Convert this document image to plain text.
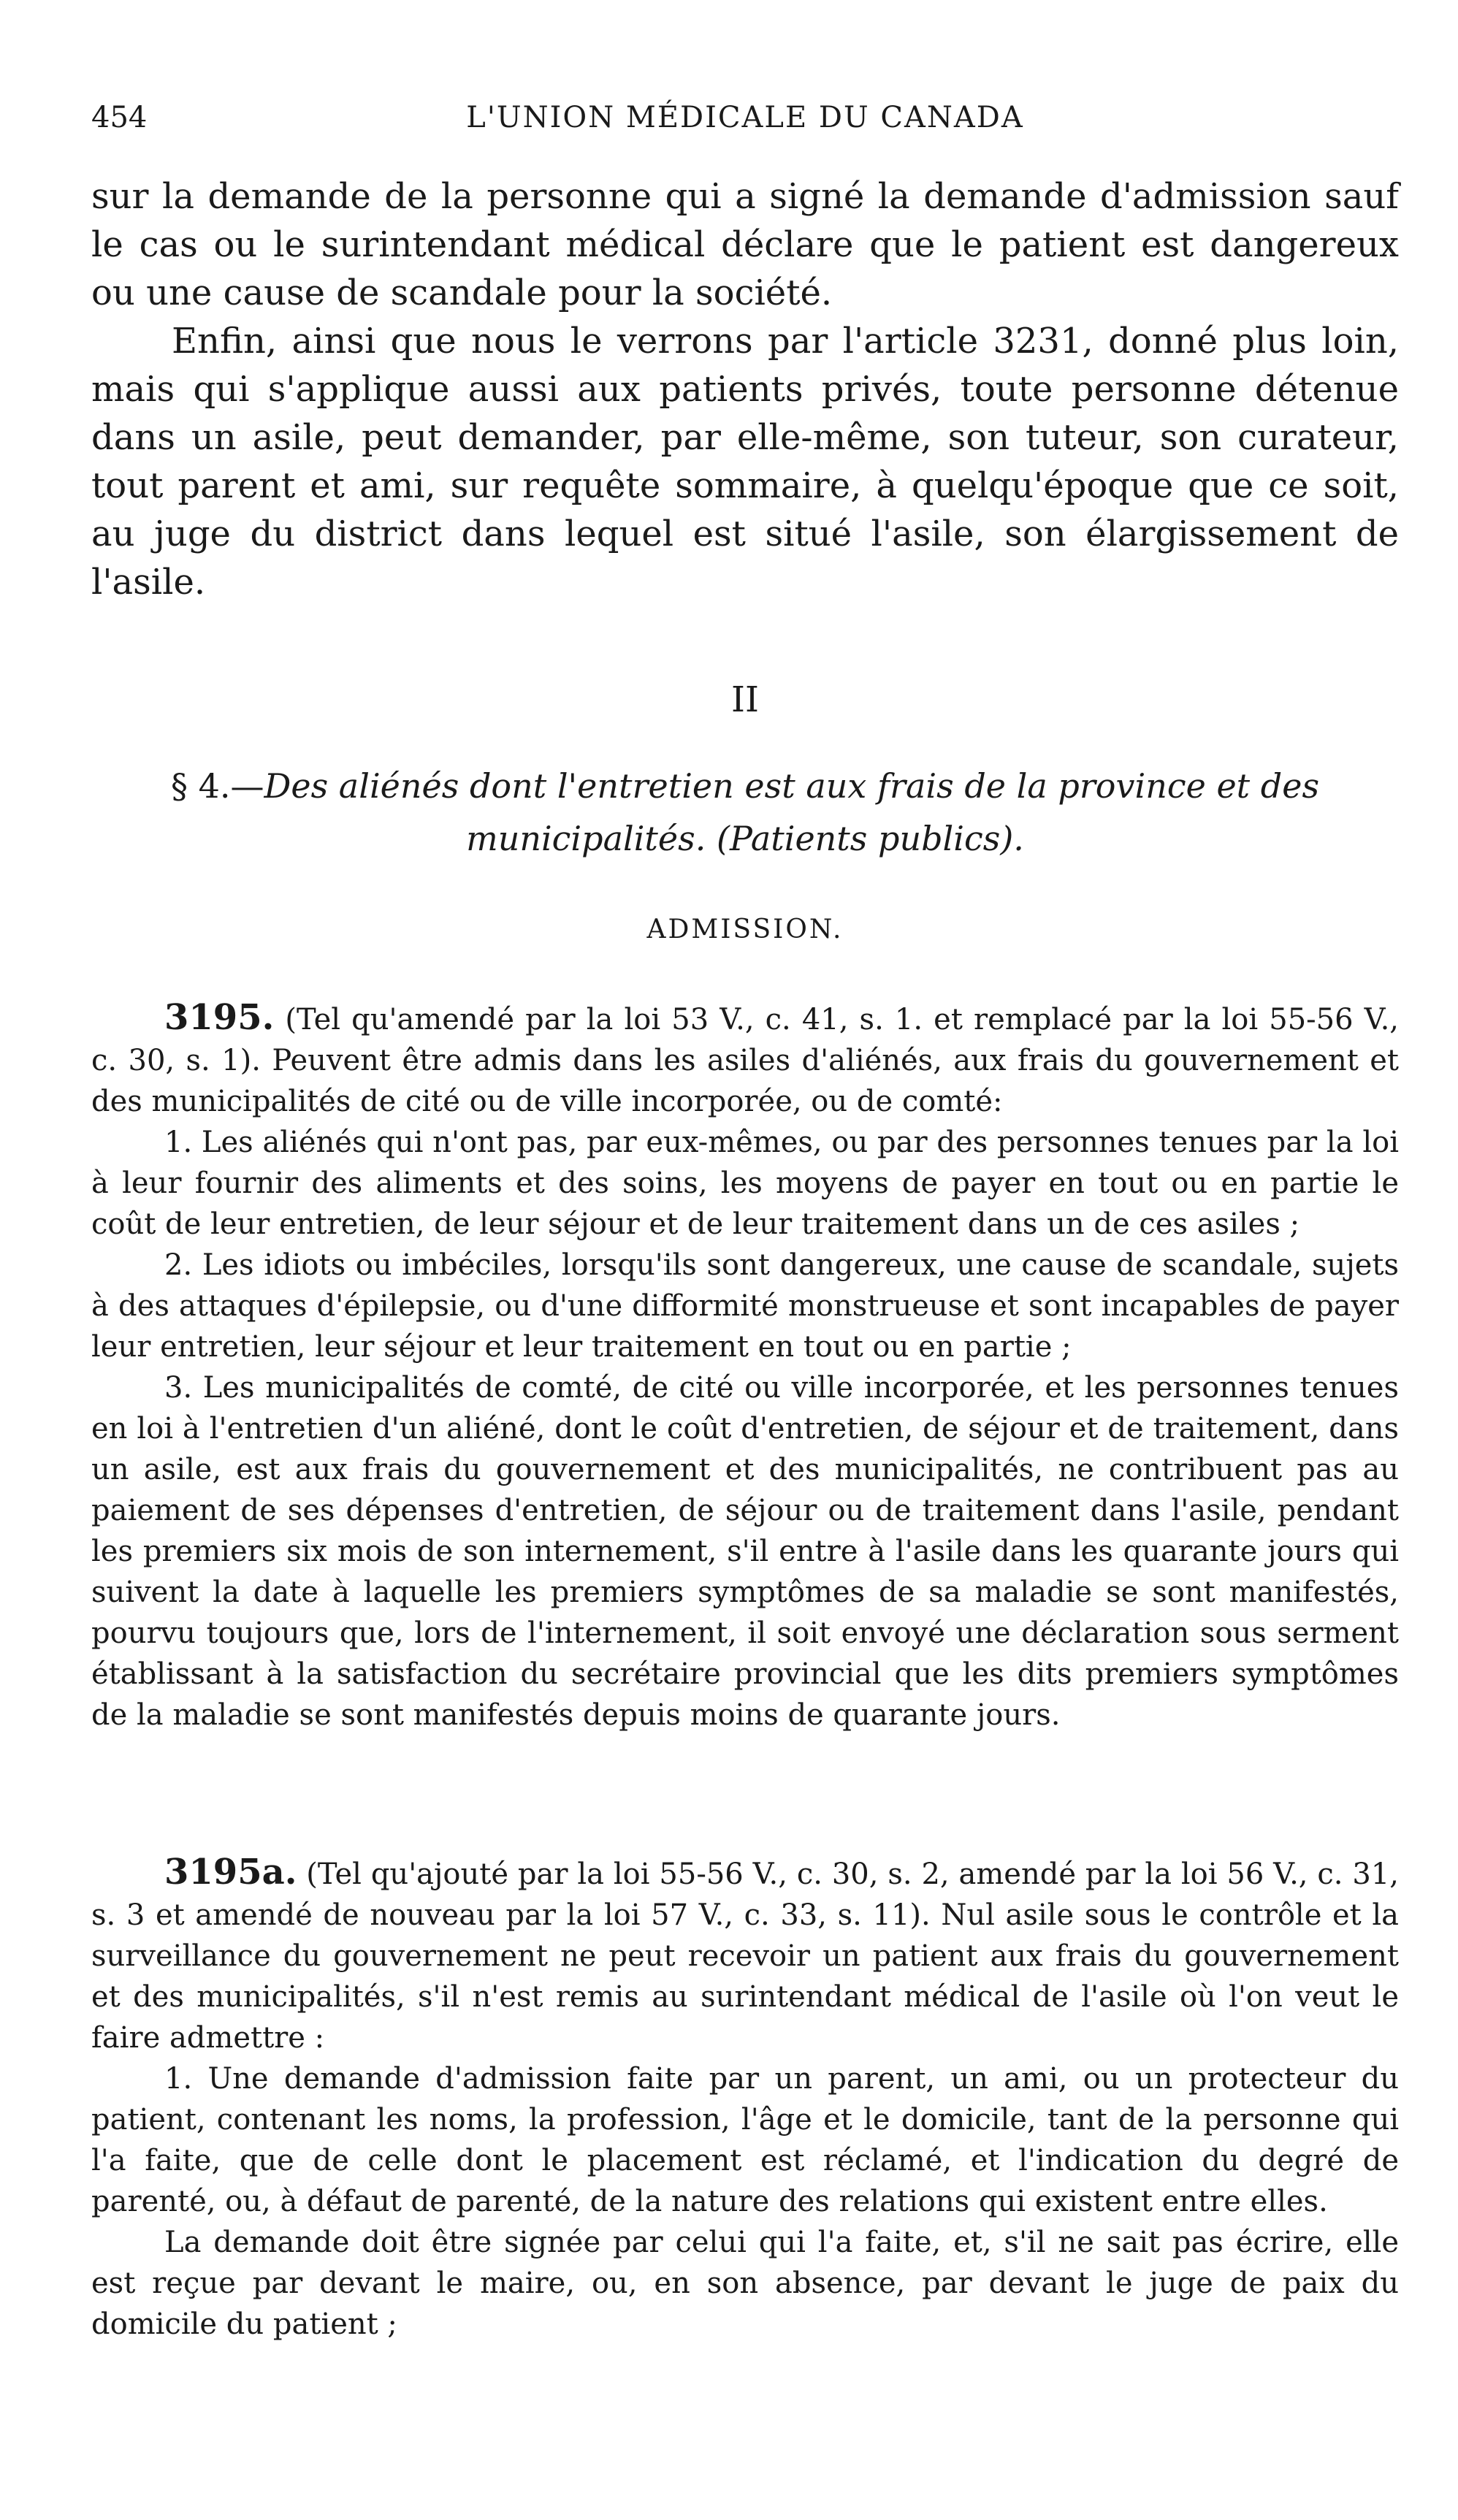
454	L'UNION MÉDICALE DU CANADA

sur la demande de la personne qui a signé la demande d'admission sauf le cas ou le surintendant médical déclare que le patient est dangereux ou une cause de scandale pour la société.

Enfin, ainsi que nous le verrons par l'article 3231, donné plus loin, mais qui s'applique aussi aux patients privés, toute personne détenue dans un asile, peut demander, par elle-même, son tuteur, son curateur, tout parent et ami, sur requête sommaire, à quelqu'époque que ce soit, au juge du district dans lequel est situé l'asile, son élargissement de l'asile.

II
§ 4.—Des aliénés dont l'entretien est aux frais de la province et des municipalités. (Patients publics).
ADMISSION.

3195. (Tel qu'amendé par la loi 53 V., c. 41, s. 1. et remplacé par la loi 55-56 V., c. 30, s. 1). Peuvent être admis dans les asiles d'aliénés, aux frais du gouvernement et des municipalités de cité ou de ville incorporée, ou de comté:

1. Les aliénés qui n'ont pas, par eux-mêmes, ou par des personnes tenues par la loi à leur fournir des aliments et des soins, les moyens de payer en tout ou en partie le coût de leur entretien, de leur séjour et de leur traitement dans un de ces asiles ;

2. Les idiots ou imbéciles, lorsqu'ils sont dangereux, une cause de scandale, sujets à des attaques d'épilepsie, ou d'une difformité monstrueuse et sont incapables de payer leur entretien, leur séjour et leur traitement en tout ou en partie ;

3. Les municipalités de comté, de cité ou ville incorporée, et les personnes tenues en loi à l'entretien d'un aliéné, dont le coût d'entretien, de séjour et de traitement, dans un asile, est aux frais du gouvernement et des municipalités, ne contribuent pas au paiement de ses dépenses d'entretien, de séjour ou de traitement dans l'asile, pendant les premiers six mois de son internement, s'il entre à l'asile dans les quarante jours qui suivent la date à laquelle les premiers symptômes de sa maladie se sont manifestés, pourvu toujours que, lors de l'internement, il soit envoyé une déclaration sous serment établissant à la satisfaction du secrétaire provincial que les dits premiers symptômes de la maladie se sont manifestés depuis moins de quarante jours.

3195a. (Tel qu'ajouté par la loi 55-56 V., c. 30, s. 2, amendé par la loi 56 V., c. 31, s. 3 et amendé de nouveau par la loi 57 V., c. 33, s. 11). Nul asile sous le contrôle et la surveillance du gouvernement ne peut recevoir un patient aux frais du gouvernement et des municipalités, s'il n'est remis au surintendant médical de l'asile où l'on veut le faire admettre :

1. Une demande d'admission faite par un parent, un ami, ou un protecteur du patient, contenant les noms, la profession, l'âge et le domicile, tant de la personne qui l'a faite, que de celle dont le placement est réclamé, et l'indication du degré de parenté, ou, à défaut de parenté, de la nature des relations qui existent entre elles.

La demande doit être signée par celui qui l'a faite, et, s'il ne sait pas écrire, elle est reçue par devant le maire, ou, en son absence, par devant le juge de paix du domicile du patient ;
